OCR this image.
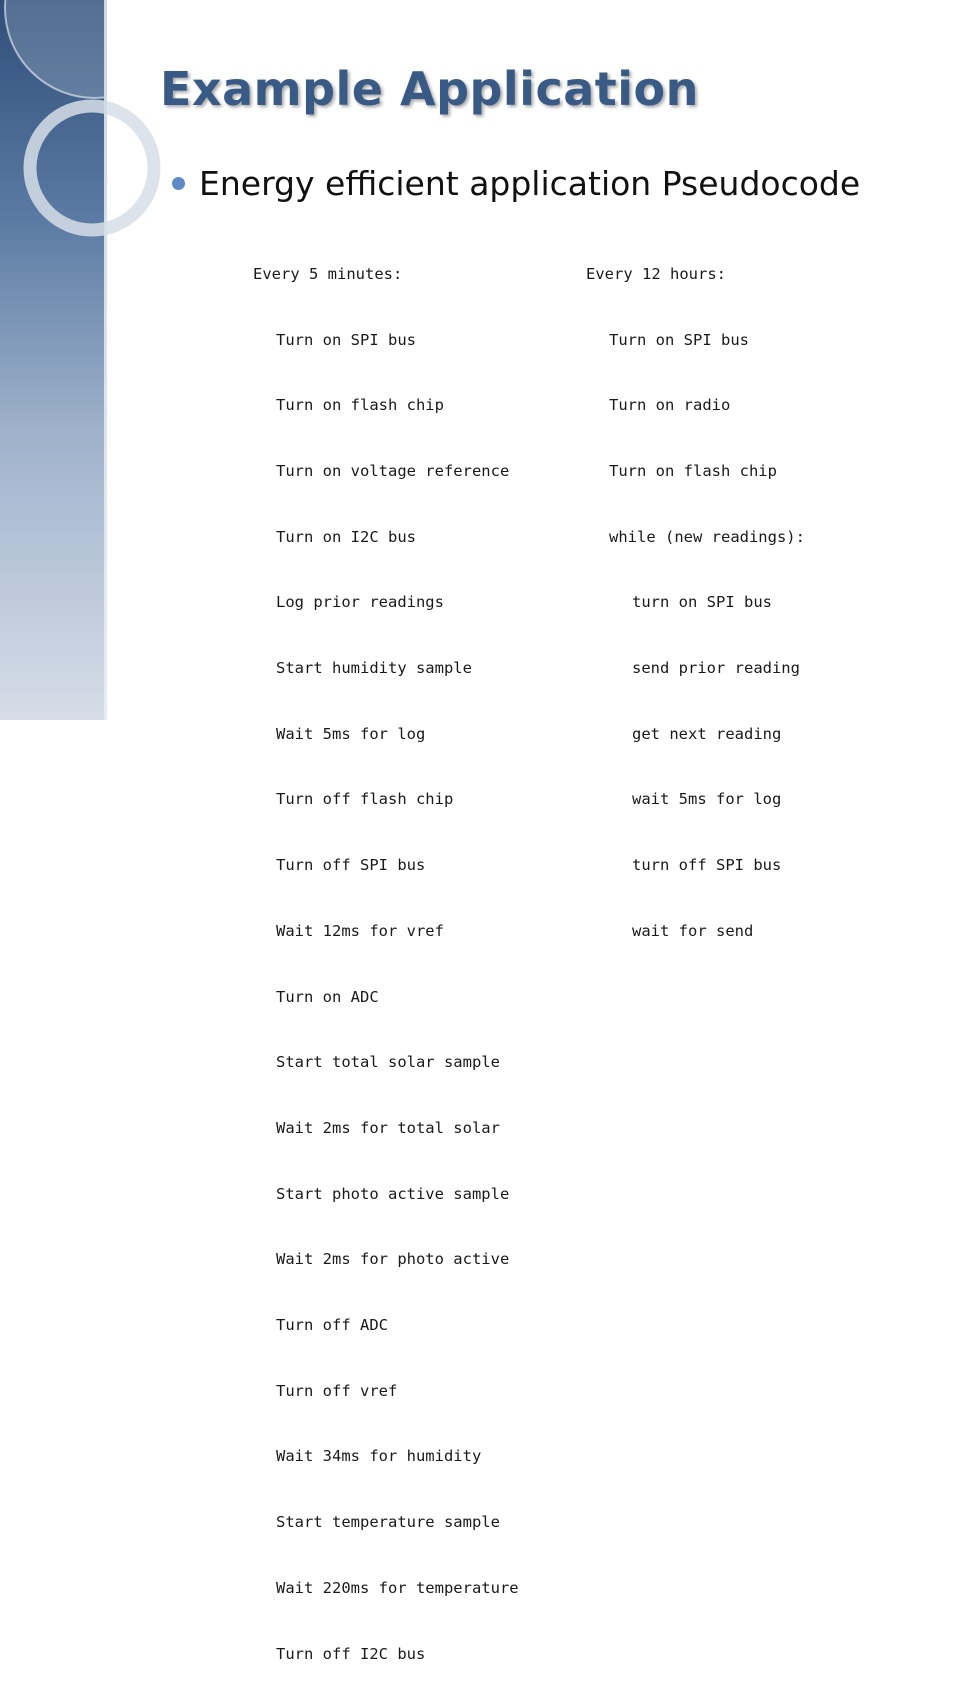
Example Application
Energy efficient application Pseudocode

Every 5 minutes:

Turn on SPI bus

Turn on flash chip

Turn on voltage reference

Turn on I2C bus

Log prior readings

Start humidity sample

Wait 5ms for log

Turn off flash chip

Turn off SPI bus

Wait 12ms for vref

Turn on ADC

Start total solar sample

Wait 2ms for total solar

Start photo active sample

Wait 2ms for photo active

Turn off ADC

Turn off vref

Wait 34ms for humidity

Start temperature sample

Wait 220ms for temperature

Turn off I2C bus

Every 12 hours:

Turn on SPI bus

Turn on radio

Turn on flash chip

while (new readings):

turn on SPI bus

send prior reading

get next reading

wait 5ms for log

turn off SPI bus

wait for send
